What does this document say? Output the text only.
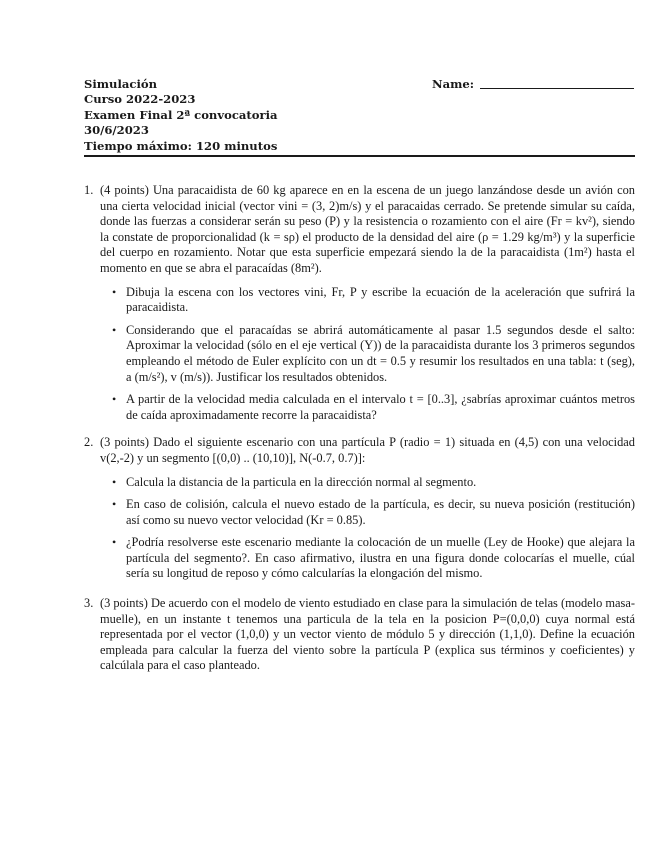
Simulación
Curso 2022-2023
Examen Final 2ª convocatoria
30/6/2023
Tiempo máximo: 120 minutos
Name:
1. (4 points) Una paracaidista de 60 kg aparece en en la escena de un juego lanzándose desde un avión con una cierta velocidad inicial (vector vini = (3, 2)m/s) y el paracaidas cerrado. Se pretende simular su caída, donde las fuerzas a considerar serán su peso (P) y la resistencia o rozamiento con el aire (Fr = kv²), siendo la constate de proporcionalidad (k = sρ) el producto de la densidad del aire (ρ = 1.29 kg/m³) y la superficie del cuerpo en rozamiento. Notar que esta superficie empezará siendo la de la paracaidista (1m²) hasta el momento en que se abra el paracaídas (8m²).

• Dibuja la escena con los vectores vini, Fr, P y escribe la ecuación de la aceleración que sufrirá la paracaidista.
• Considerando que el paracaídas se abrirá automáticamente al pasar 1.5 segundos desde el salto: Aproximar la velocidad (sólo en el eje vertical (Y)) de la paracaidista durante los 3 primeros segundos empleando el método de Euler explícito con un dt = 0.5 y resumir los resultados en una tabla: t (seg), a (m/s²), v (m/s)). Justificar los resultados obtenidos.
• A partir de la velocidad media calculada en el intervalo t = [0..3], ¿sabrías aproximar cuántos metros de caída aproximadamente recorre la paracaidista?
2. (3 points) Dado el siguiente escenario con una partícula P (radio = 1) situada en (4,5) con una velocidad v(2,-2) y un segmento [(0,0) .. (10,10)], N(-0.7, 0.7)]:

• Calcula la distancia de la particula en la dirección normal al segmento.
• En caso de colisión, calcula el nuevo estado de la partícula, es decir, su nueva posición (restitución) así como su nuevo vector velocidad (Kr = 0.85).
• ¿Podría resolverse este escenario mediante la colocación de un muelle (Ley de Hooke) que alejara la partícula del segmento?. En caso afirmativo, ilustra en una figura donde colocarías el muelle, cúal sería su longitud de reposo y cómo calcularías la elongación del mismo.
3. (3 points) De acuerdo con el modelo de viento estudiado en clase para la simulación de telas (modelo masa-muelle), en un instante t tenemos una particula de la tela en la posicion P=(0,0,0) cuya normal está representada por el vector (1,0,0) y un vector viento de módulo 5 y dirección (1,1,0). Define la ecuación empleada para calcular la fuerza del viento sobre la partícula P (explica sus términos y coeficientes) y calcúlala para el caso planteado.
